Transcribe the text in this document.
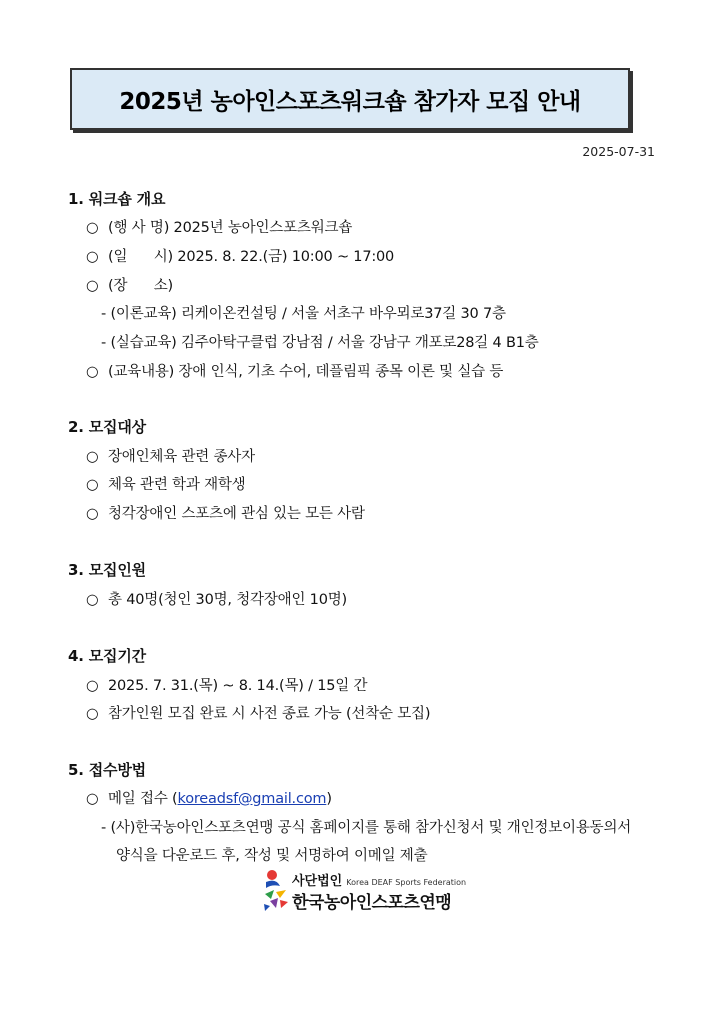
2025년 농아인스포츠워크숍 참가자 모집 안내
2025-07-31
1. 워크숍 개요
○ (행 사 명) 2025년 농아인스포츠워크숍
○ (일      시) 2025. 8. 22.(금) 10:00 ~ 17:00
○ (장      소)
- (이론교육) 리케이온컨설팅 / 서울 서초구 바우뫼로37길 30 7층
- (실습교육) 김주아탁구클럽 강남점 / 서울 강남구 개포로28길 4 B1층
○ (교육내용) 장애 인식, 기초 수어, 데플림픽 종목 이론 및 실습 등
2. 모집대상
○ 장애인체육 관련 종사자
○ 체육 관련 학과 재학생
○ 청각장애인 스포츠에 관심 있는 모든 사람
3. 모집인원
○ 총 40명(청인 30명, 청각장애인 10명)
4. 모집기간
○ 2025. 7. 31.(목) ~ 8. 14.(목) / 15일 간
○ 참가인원 모집 완료 시 사전 종료 가능 (선착순 모집)
5. 접수방법
○ 메일 접수 (koreadsf@gmail.com)
- (사)한국농아인스포츠연맹 공식 홈페이지를 통해 참가신청서 및 개인정보이용동의서
양식을 다운로드 후, 작성 및 서명하여 이메일 제출
사단법인 Korea DEAF Sports Federation
한국농아인스포츠연맹
